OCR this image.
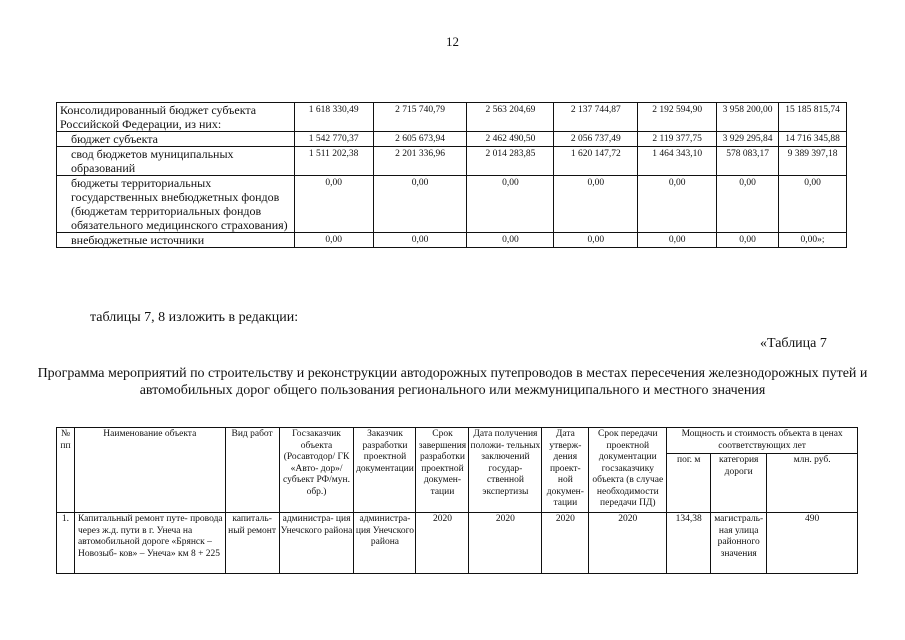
12
Консолидированный бюджет субъекта Российской Федерации, из них:	1 618 330,49	2 715 740,79	2 563 204,69	2 137 744,87	2 192 594,90	3 958 200,00	15 185 815,74
бюджет субъекта	1 542 770,37	2 605 673,94	2 462 490,50	2 056 737,49	2 119 377,75	3 929 295,84	14 716 345,88
свод бюджетов муниципальных образований	1 511 202,38	2 201 336,96	2 014 283,85	1 620 147,72	1 464 343,10	578 083,17	9 389 397,18
бюджеты территориальных государственных внебюджетных фондов (бюджетам территориальных фондов обязательного медицинского страхования)	0,00	0,00	0,00	0,00	0,00	0,00	0,00
внебюджетные источники	0,00	0,00	0,00	0,00	0,00	0,00	0,00»;
таблицы 7, 8 изложить в редакции:
«Таблица 7
Программа мероприятий по строительству и реконструкции автодорожных путепроводов в местах пересечения железнодорожных путей и автомобильных дорог общего пользования регионального или межмуниципального и местного значения
№ пп	Наименование объекта	Вид работ	Госзаказчик объекта (Росавтодор/ ГК «Авто- дор»/субъект РФ/мун. обр.)	Заказчик разработки проектной документации	Срок завершения разработки проектной докумен- тации	Дата получения положи- тельных заключений государ- ственной экспертизы	Дата утверж- дения проект- ной докумен- тации	Срок передачи проектной документации госзаказчику объекта (в случае необходимости передачи ПД)	Мощность и стоимость объекта в ценах соответствующих лет		
									пог. м	категория дороги	млн. руб.
1.	Капитальный ремонт путе- провода через ж.д. пути в г. Унеча на автомобильной дороге «Брянск – Новозыб- ков» – Унеча» км 8 + 225	капиталь- ный ремонт	администра- ция Унечского района	администра- ция Унечского района	2020	2020	2020	2020	134,38	магистраль- ная улица районного значения	490
